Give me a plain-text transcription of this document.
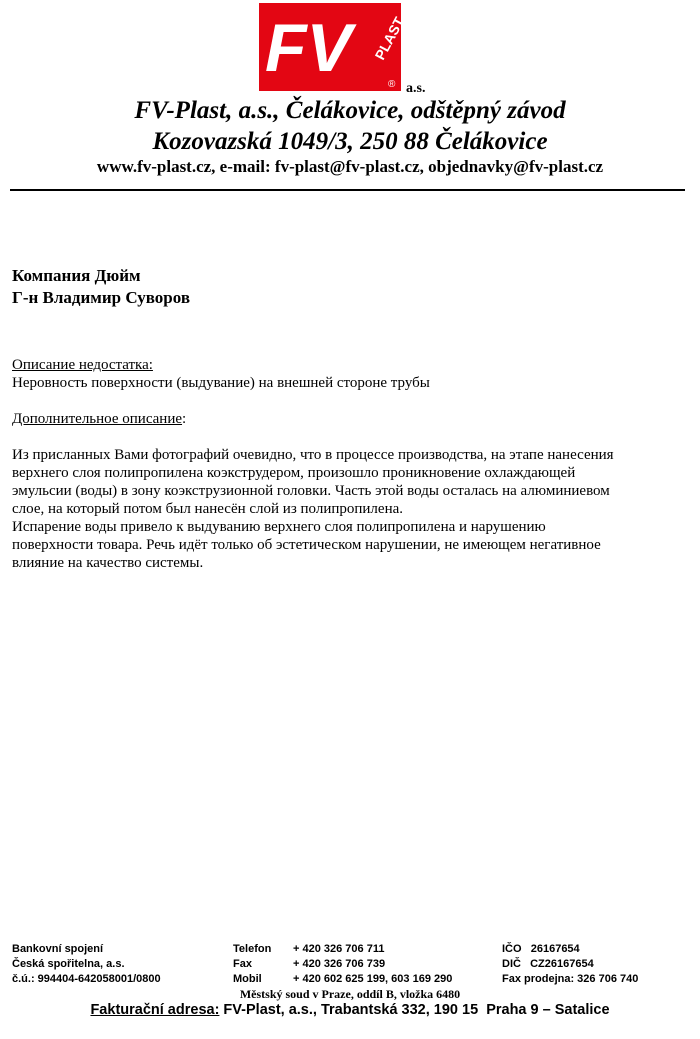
FV	PLAST
® a.s.
FV-Plast, a.s., Čelákovice, odštěpný závod
Kozovazská 1049/3, 250 88 Čelákovice
www.fv-plast.cz, e-mail: fv-plast@fv-plast.cz, objednavky@fv-plast.cz
Компания Дюйм
Г-н Владимир Суворов
Описание недостатка:
Неровность поверхности (выдувание) на внешней стороне трубы
Дополнительное описание:
Из присланных Вами фотографий очевидно, что в процессе производства, на этапе нанесения
верхнего слоя полипропилена коэкструдером, произошло проникновение охлаждающей
эмульсии (воды) в зону коэкструзионной головки. Часть этой воды осталась на алюминиевом
слое, на который потом был нанесён слой из полипропилена.
Испарение воды привело к выдуванию верхнего слоя полипропилена и нарушению
поверхности товара. Речь идёт только об эстетическом нарушении, не имеющем негативное
влияние на качество системы.
Bankovní spojení
Česká spořitelna, a.s.
č.ú.: 994404-642058001/0800
Telefon
Fax
Mobil
+ 420 326 706 711
+ 420 326 706 739
+ 420 602 625 199, 603 169 290
IČO   26167654
DIČ   CZ26167654
Fax prodejna: 326 706 740
Městský soud v Praze, oddíl B, vložka 6480
Fakturační adresa: FV-Plast, a.s., Trabantská 332, 190 15  Praha 9 – Satalice
